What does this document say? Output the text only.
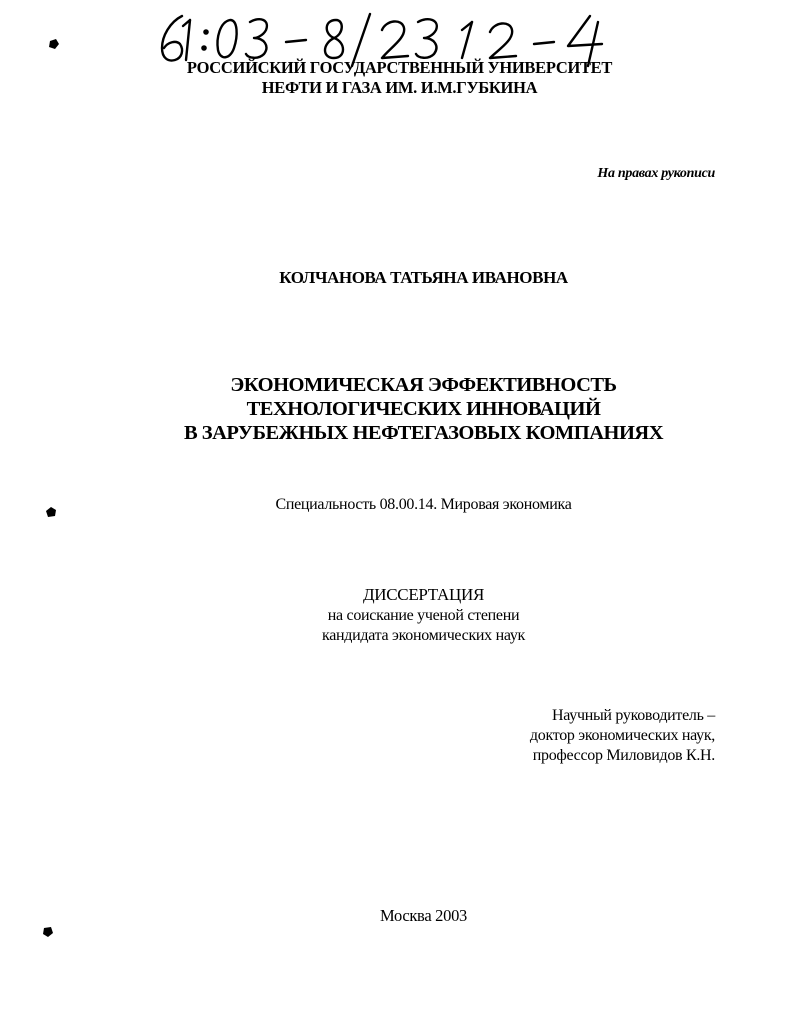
РОССИЙСКИЙ ГОСУДАРСТВЕННЫЙ УНИВЕРСИТЕТ
НЕФТИ И ГАЗА ИМ. И.М.ГУБКИНА
На правах рукописи
КОЛЧАНОВА ТАТЬЯНА ИВАНОВНА
ЭКОНОМИЧЕСКАЯ ЭФФЕКТИВНОСТЬ
ТЕХНОЛОГИЧЕСКИХ ИННОВАЦИЙ
В ЗАРУБЕЖНЫХ НЕФТЕГАЗОВЫХ КОМПАНИЯХ
Специальность 08.00.14. Мировая экономика
ДИССЕРТАЦИЯ
на соискание ученой степени
кандидата экономических наук
Научный руководитель –
доктор экономических наук,
профессор Миловидов К.Н.
Москва 2003
